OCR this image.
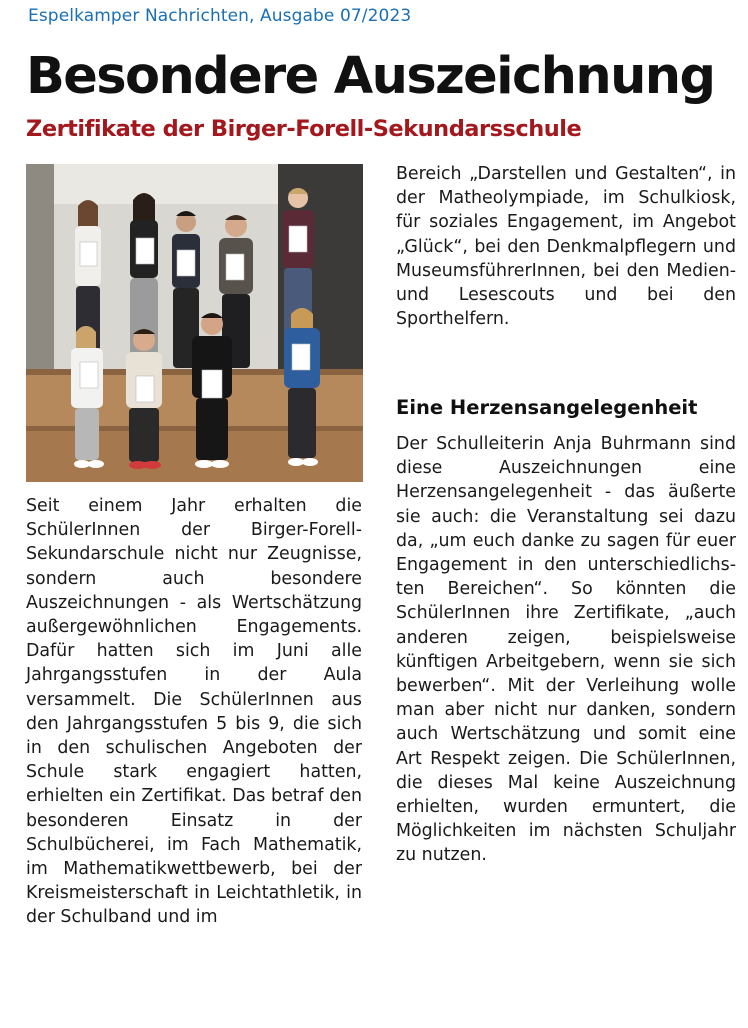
Espelkamper Nachrichten, Ausgabe 07/2023
Besondere Auszeichnung
Zertifikate der Birger-Forell-Sekundarsschule

Seit einem Jahr erhalten die SchülerInnen der Birger-Forell-Sekundarschule nicht nur Zeugnisse, sondern auch besondere Auszeichnungen - als Wertschätzung außergewöhnlichen Engagements. Dafür hatten sich im Juni alle Jahrgangsstufen in der Aula versammelt. Die SchülerInnen aus den Jahrgangsstufen 5 bis 9, die sich in den schulischen Angeboten der Schule stark engagiert hatten, erhielten ein Zertifikat. Das betraf den besonderen Einsatz in der Schulbücherei, im Fach Mathematik, im Mathematikwettbewerb, bei der Kreismeisterschaft in Leichtathletik, in der Schulband und im

Bereich „Darstellen und Gestalten“, in der Matheolympiade, im Schulkiosk, für soziales Engagement, im Angebot „Glück“, bei den Denkmalpflegern und MuseumsführerInnen, bei den Medien- und Lesescouts und bei den Sporthelfern.

Eine Herzensangelegenheit

Der Schulleiterin Anja Buhrmann sind diese Auszeichnungen eine Herzensangelegenheit - das äußerte sie auch: die Veranstaltung sei dazu da, „um euch danke zu sagen für euer Engagement in den unterschiedlichsten Bereichen“. So könnten die SchülerInnen ihre Zertifikate, „auch anderen zeigen, beispielsweise künftigen Arbeitgebern, wenn sie sich bewerben“. Mit der Verleihung wolle man aber nicht nur danken, sondern auch Wertschätzung und somit eine Art Respekt zeigen. Die SchülerInnen, die dieses Mal keine Auszeichnung erhielten, wurden ermuntert, die Möglichkeiten im nächsten Schuljahr zu nutzen.
